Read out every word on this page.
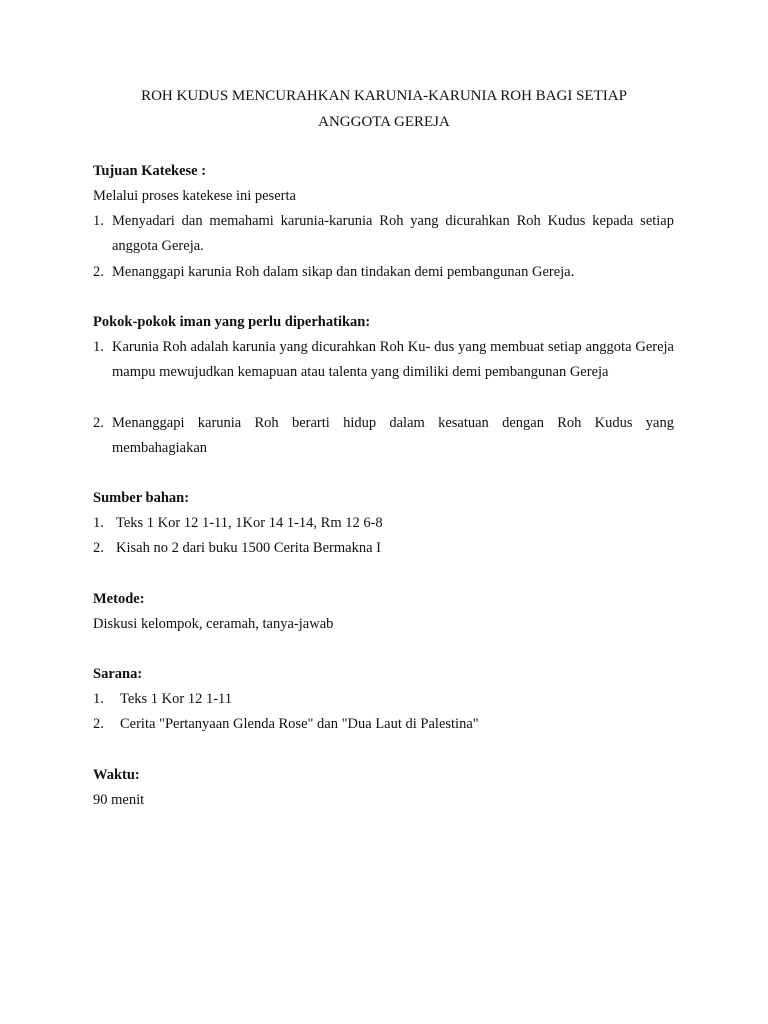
ROH KUDUS MENCURAHKAN KARUNIA-KARUNIA ROH BAGI SETIAP
ANGGOTA GEREJA
Tujuan Katekese :
Melalui proses katekese ini peserta
1. Menyadari dan memahami karunia-karunia Roh yang dicurahkan Roh Kudus kepada setiap anggota Gereja.
2. Menanggapi karunia Roh dalam sikap dan tindakan demi pembangunan Gereja.
Pokok-pokok iman yang perlu diperhatikan:
1. Karunia Roh adalah karunia yang dicurahkan Roh Ku- dus yang membuat setiap anggota Gereja mampu mewujudkan kemapuan atau talenta yang dimiliki demi pembangunan Gereja
2. Menanggapi karunia Roh berarti hidup dalam kesatuan dengan Roh Kudus yang membahagiakan
Sumber bahan:
1. Teks 1 Kor 12 1-11, 1Kor 14 1-14, Rm 12 6-8
2. Kisah no 2 dari buku 1500 Cerita Bermakna I
Metode:
Diskusi kelompok, ceramah, tanya-jawab
Sarana:
1. Teks 1 Kor 12 1-11
2. Cerita "Pertanyaan Glenda Rose" dan "Dua Laut di Palestina"
Waktu:
90 menit
